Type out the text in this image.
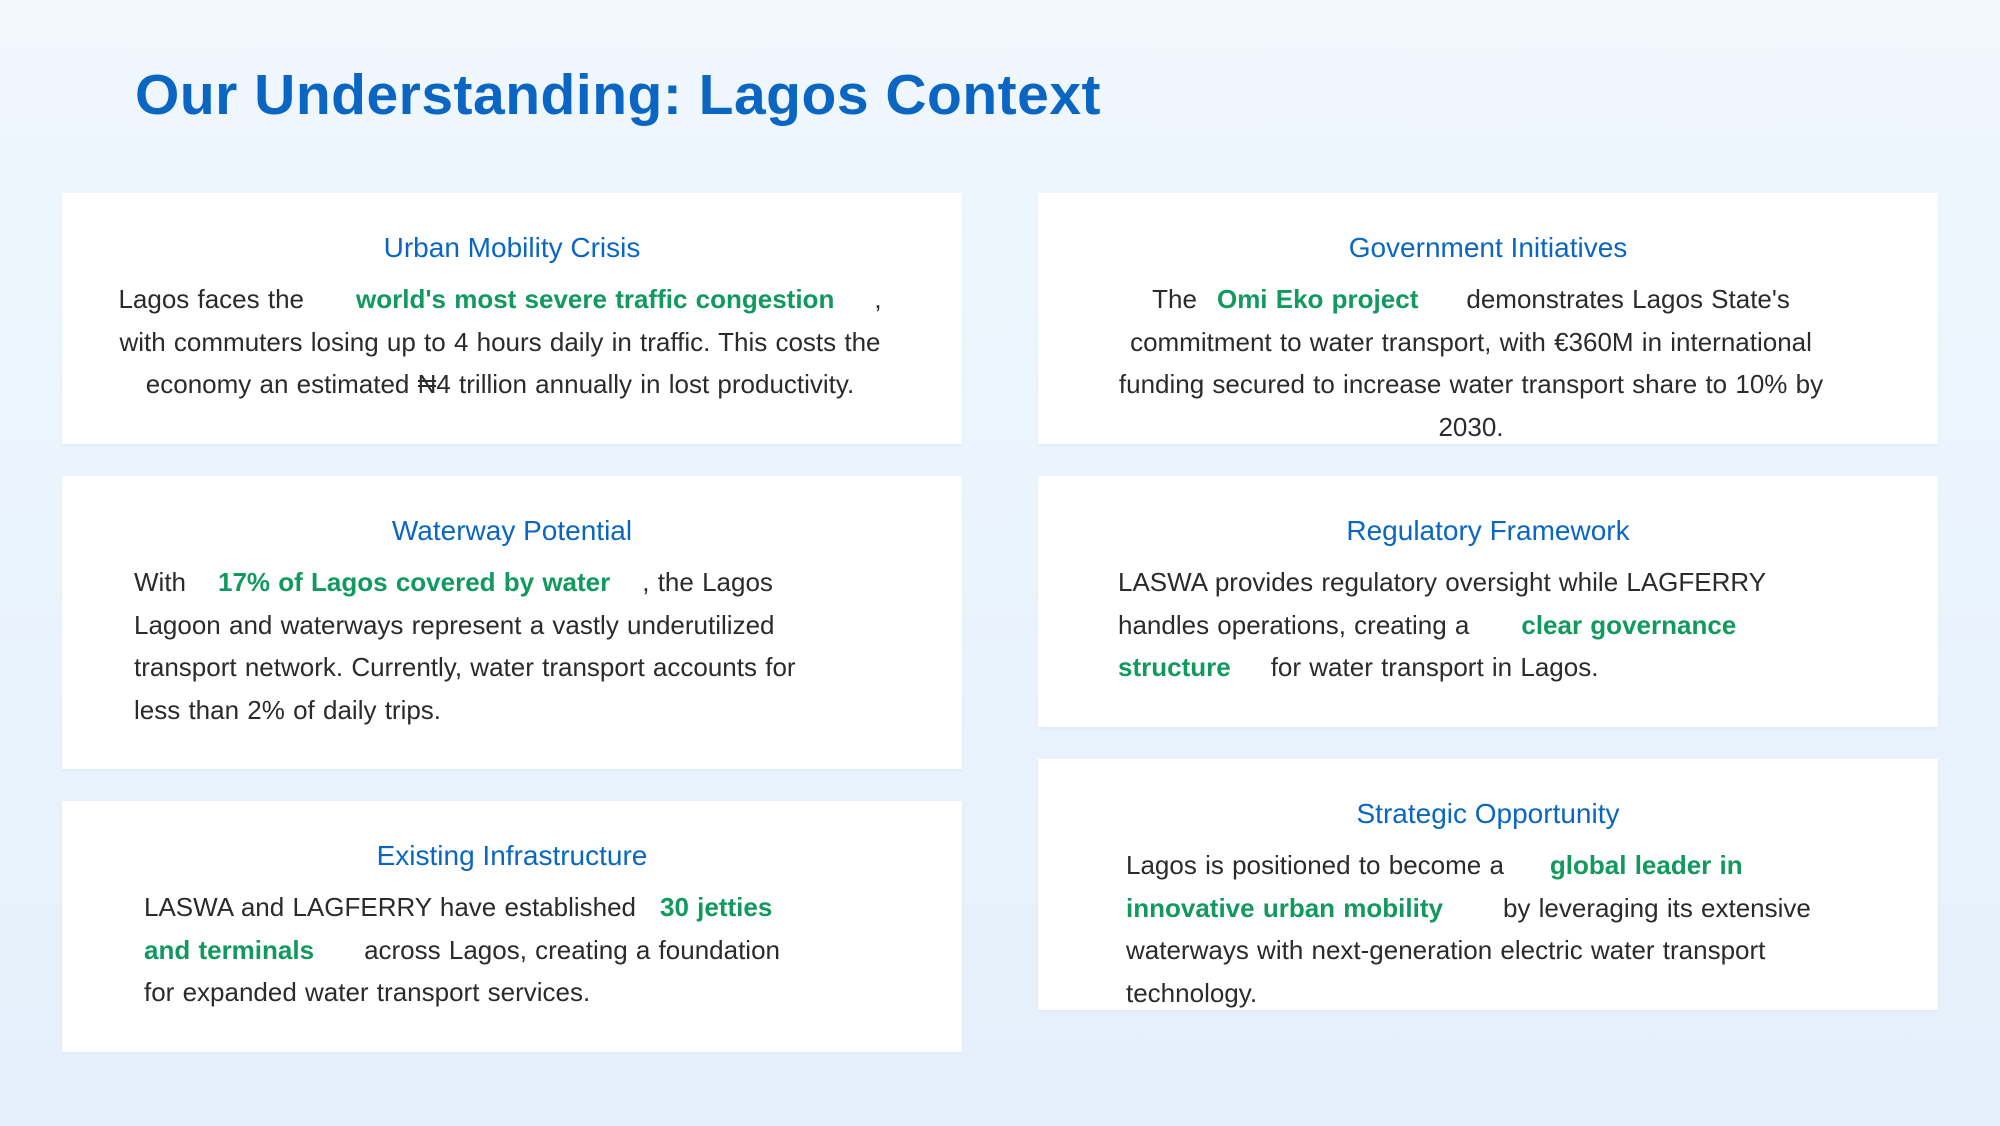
Our Understanding: Lagos Context
Urban Mobility Crisis

Lagos faces the world's most severe traffic congestion , with commuters losing up to 4 hours daily in traffic. This costs the economy an estimated ₦4 trillion annually in lost productivity.

Waterway Potential

With 17% of Lagos covered by water , the Lagos Lagoon and waterways represent a vastly underutilized transport network. Currently, water transport accounts for less than 2% of daily trips.

Existing Infrastructure

LASWA and LAGFERRY have established 30 jetties and terminals across Lagos, creating a foundation for expanded water transport services.

Government Initiatives

The Omi Eko project demonstrates Lagos State's commitment to water transport, with €360M in international funding secured to increase water transport share to 10% by 2030.

Regulatory Framework

LASWA provides regulatory oversight while LAGFERRY handles operations, creating a clear governance structure for water transport in Lagos.

Strategic Opportunity

Lagos is positioned to become a global leader in innovative urban mobility by leveraging its extensive waterways with next-generation electric water transport technology.
